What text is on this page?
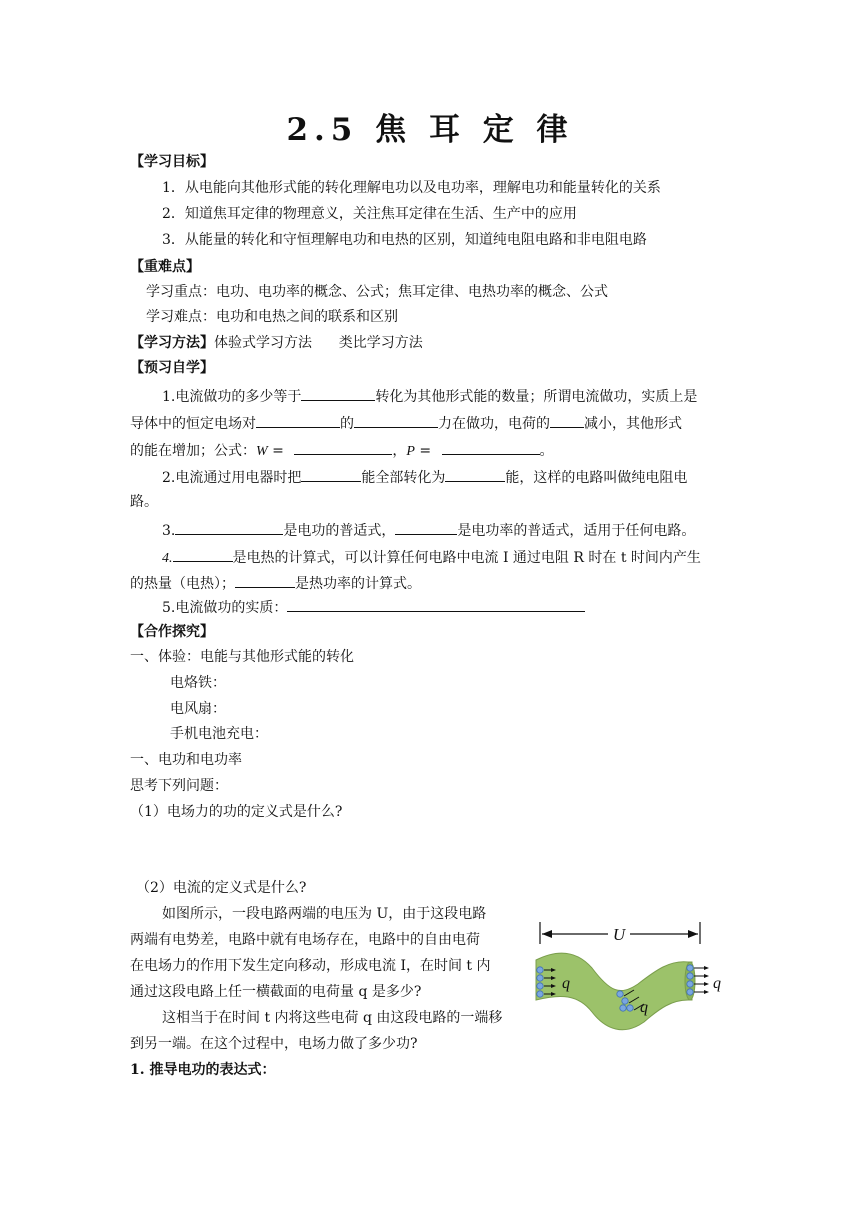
2.5 焦 耳 定 律
【学习目标】
1．从电能向其他形式能的转化理解电功以及电功率，理解电功和能量转化的关系
2．知道焦耳定律的物理意义，关注焦耳定律在生活、生产中的应用
3．从能量的转化和守恒理解电功和电热的区别，知道纯电阻电路和非电阻电路
【重难点】
学习重点：电功、电功率的概念、公式；焦耳定律、电热功率的概念、公式
学习难点：电功和电热之间的联系和区别
【学习方法】体验式学习方法      类比学习方法
【预习自学】
1.电流做功的多少等于	转化为其他形式能的数量；所谓电流做功，实质上是
导体中的恒定电场对	的	力在做功，电荷的 减小，其他形式
的能在增加；公式：W =	，P =	。
2.电流通过用电器时把	能全部转化为	能，这样的电路叫做纯电阻电
路。
3.	是电功的普适式，	是电功率的普适式，适用于任何电路。
4.	是电热的计算式，可以计算任何电路中电流 I 通过电阻 R 时在 t 时间内产生
的热量（电热）；	是热功率的计算式。
5.电流做功的实质：
【合作探究】
一、体验：电能与其他形式能的转化
电烙铁：
电风扇：
手机电池充电：
一、电功和电功率
思考下列问题：
（1）电场力的功的定义式是什么?
（2）电流的定义式是什么?
如图所示，一段电路两端的电压为 U，由于这段电路
两端有电势差，电路中就有电场存在，电路中的自由电荷
在电场力的作用下发生定向移动，形成电流 I，在时间 t 内
通过这段电路上任一横截面的电荷量 q 是多少?
这相当于在时间 t 内将这些电荷 q 由这段电路的一端移
到另一端。在这个过程中，电场力做了多少功?
1. 推导电功的表达式：
U
q
q
q
